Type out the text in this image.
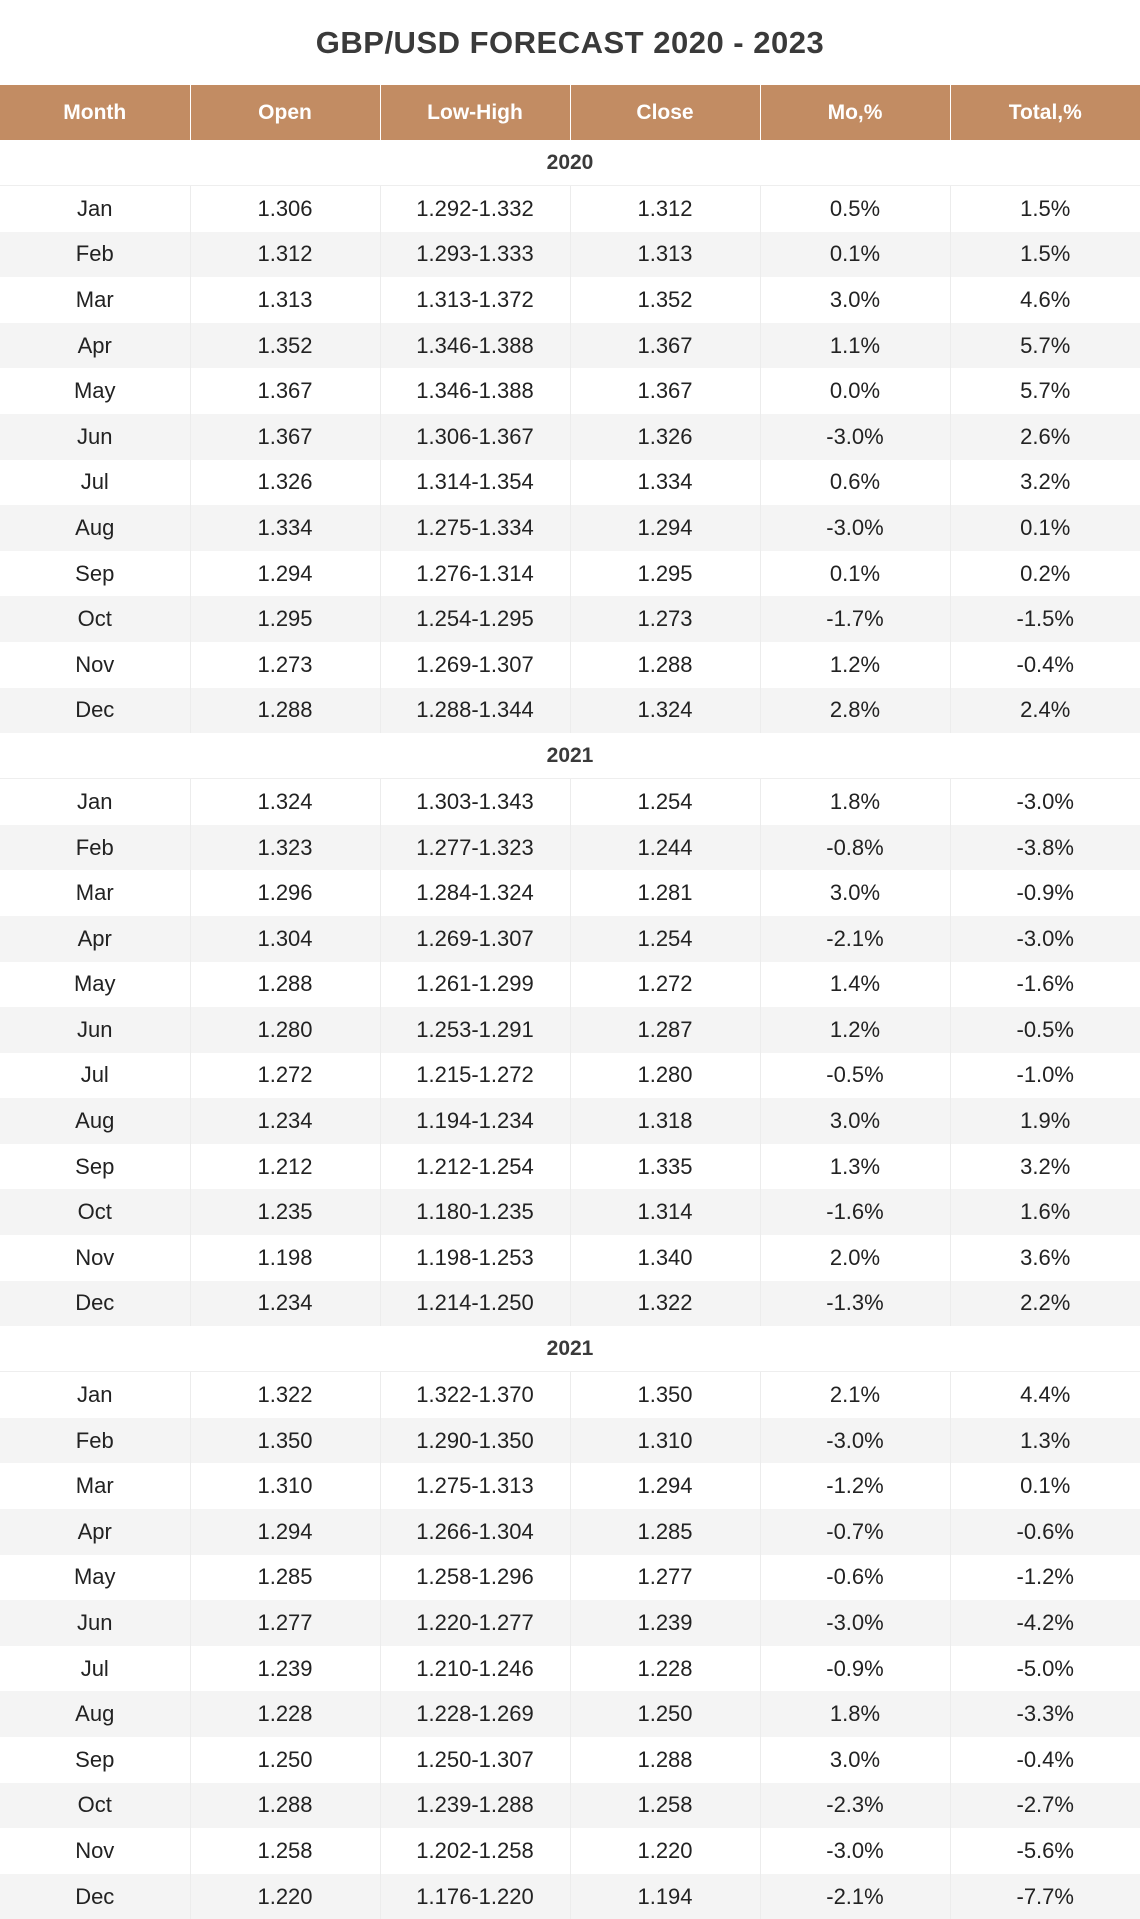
GBP/USD FORECAST 2020 - 2023
Month	Open	Low-High	Close	Mo,%	Total,%
2020					
Jan	1.306	1.292-1.332	1.312	0.5%	1.5%
Feb	1.312	1.293-1.333	1.313	0.1%	1.5%
Mar	1.313	1.313-1.372	1.352	3.0%	4.6%
Apr	1.352	1.346-1.388	1.367	1.1%	5.7%
May	1.367	1.346-1.388	1.367	0.0%	5.7%
Jun	1.367	1.306-1.367	1.326	-3.0%	2.6%
Jul	1.326	1.314-1.354	1.334	0.6%	3.2%
Aug	1.334	1.275-1.334	1.294	-3.0%	0.1%
Sep	1.294	1.276-1.314	1.295	0.1%	0.2%
Oct	1.295	1.254-1.295	1.273	-1.7%	-1.5%
Nov	1.273	1.269-1.307	1.288	1.2%	-0.4%
Dec	1.288	1.288-1.344	1.324	2.8%	2.4%
2021					
Jan	1.324	1.303-1.343	1.254	1.8%	-3.0%
Feb	1.323	1.277-1.323	1.244	-0.8%	-3.8%
Mar	1.296	1.284-1.324	1.281	3.0%	-0.9%
Apr	1.304	1.269-1.307	1.254	-2.1%	-3.0%
May	1.288	1.261-1.299	1.272	1.4%	-1.6%
Jun	1.280	1.253-1.291	1.287	1.2%	-0.5%
Jul	1.272	1.215-1.272	1.280	-0.5%	-1.0%
Aug	1.234	1.194-1.234	1.318	3.0%	1.9%
Sep	1.212	1.212-1.254	1.335	1.3%	3.2%
Oct	1.235	1.180-1.235	1.314	-1.6%	1.6%
Nov	1.198	1.198-1.253	1.340	2.0%	3.6%
Dec	1.234	1.214-1.250	1.322	-1.3%	2.2%
2021					
Jan	1.322	1.322-1.370	1.350	2.1%	4.4%
Feb	1.350	1.290-1.350	1.310	-3.0%	1.3%
Mar	1.310	1.275-1.313	1.294	-1.2%	0.1%
Apr	1.294	1.266-1.304	1.285	-0.7%	-0.6%
May	1.285	1.258-1.296	1.277	-0.6%	-1.2%
Jun	1.277	1.220-1.277	1.239	-3.0%	-4.2%
Jul	1.239	1.210-1.246	1.228	-0.9%	-5.0%
Aug	1.228	1.228-1.269	1.250	1.8%	-3.3%
Sep	1.250	1.250-1.307	1.288	3.0%	-0.4%
Oct	1.288	1.239-1.288	1.258	-2.3%	-2.7%
Nov	1.258	1.202-1.258	1.220	-3.0%	-5.6%
Dec	1.220	1.176-1.220	1.194	-2.1%	-7.7%
